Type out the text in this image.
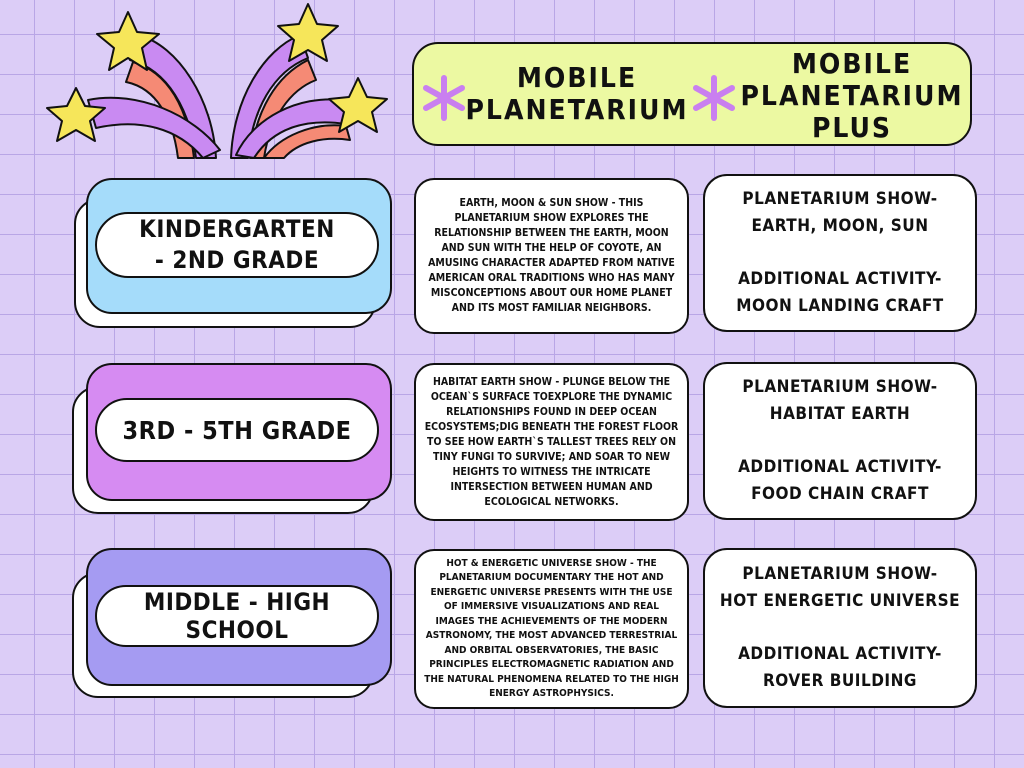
MOBILE
PLANETARIUM
MOBILE
PLANETARIUM
PLUS
KINDERGARTEN
- 2ND GRADE
EARTH, MOON & SUN SHOW - THIS PLANETARIUM SHOW EXPLORES THE RELATIONSHIP BETWEEN THE EARTH, MOON AND SUN WITH THE HELP OF COYOTE, AN AMUSING CHARACTER ADAPTED FROM NATIVE AMERICAN ORAL TRADITIONS WHO HAS MANY MISCONCEPTIONS ABOUT OUR HOME PLANET AND ITS MOST FAMILIAR NEIGHBORS.
PLANETARIUM SHOW-
EARTH, MOON, SUN
ADDITIONAL ACTIVITY-
MOON LANDING CRAFT
3RD - 5TH GRADE
HABITAT EARTH SHOW - PLUNGE BELOW THE OCEAN`S SURFACE TOEXPLORE THE DYNAMIC RELATIONSHIPS FOUND IN DEEP OCEAN ECOSYSTEMS;DIG BENEATH THE FOREST FLOOR TO SEE HOW EARTH`S TALLEST TREES RELY ON TINY FUNGI TO SURVIVE; AND SOAR TO NEW HEIGHTS TO WITNESS THE INTRICATE INTERSECTION BETWEEN HUMAN AND ECOLOGICAL NETWORKS.
PLANETARIUM SHOW-
HABITAT EARTH
ADDITIONAL ACTIVITY-
FOOD CHAIN CRAFT
MIDDLE - HIGH SCHOOL
HOT & ENERGETIC UNIVERSE SHOW - THE PLANETARIUM DOCUMENTARY THE HOT AND ENERGETIC UNIVERSE PRESENTS WITH THE USE OF IMMERSIVE VISUALIZATIONS AND REAL IMAGES THE ACHIEVEMENTS OF THE MODERN ASTRONOMY, THE MOST ADVANCED TERRESTRIAL AND ORBITAL OBSERVATORIES, THE BASIC PRINCIPLES ELECTROMAGNETIC RADIATION AND THE NATURAL PHENOMENA RELATED TO THE HIGH ENERGY ASTROPHYSICS.
PLANETARIUM SHOW-
HOT ENERGETIC UNIVERSE
ADDITIONAL ACTIVITY-
ROVER BUILDING
